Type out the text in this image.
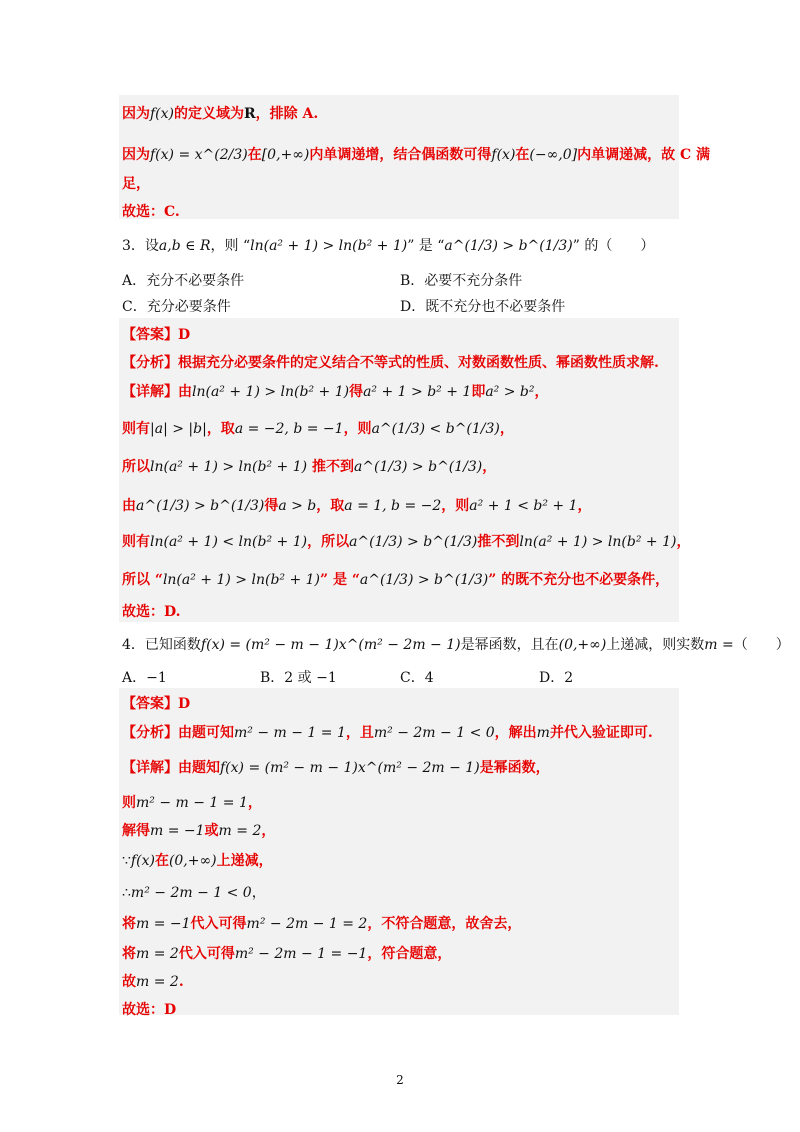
因为f(x)的定义域为R，排除 A.
因为f(x) = x^(2/3)在[0,+∞)内单调递增，结合偶函数可得f(x)在(−∞,0]内单调递减，故 C 满
足，
故选：C.
3．设a,b ∈ R，则 “ln(a² + 1) > ln(b² + 1)” 是 “a^(1/3) > b^(1/3)” 的（　　）
A．充分不必要条件	B．必要不充分条件
C．充分必要条件	D．既不充分也不必要条件
【答案】D
【分析】根据充分必要条件的定义结合不等式的性质、对数函数性质、幂函数性质求解.
【详解】由ln(a² + 1) > ln(b² + 1)得a² + 1 > b² + 1即a² > b²，
则有|a| > |b|，取a = −2, b = −1，则a^(1/3) < b^(1/3)，
所以ln(a² + 1) > ln(b² + 1) 推不到a^(1/3) > b^(1/3)，
由a^(1/3) > b^(1/3)得a > b，取a = 1, b = −2，则a² + 1 < b² + 1，
则有ln(a² + 1) < ln(b² + 1)，所以a^(1/3) > b^(1/3)推不到ln(a² + 1) > ln(b² + 1)，
所以 “ln(a² + 1) > ln(b² + 1)” 是 “a^(1/3) > b^(1/3)” 的既不充分也不必要条件，
故选：D.
4．已知函数f(x) = (m² − m − 1)x^(m² − 2m − 1)是幂函数，且在(0,+∞)上递减，则实数m =（　　）
A．−1	B．2 或 −1	C．4	D．2
【答案】D
【分析】由题可知m² − m − 1 = 1，且m² − 2m − 1 < 0，解出m并代入验证即可.
【详解】由题知f(x) = (m² − m − 1)x^(m² − 2m − 1)是幂函数，
则m² − m − 1 = 1，
解得m = −1或m = 2，
∵f(x)在(0,+∞)上递减，
∴m² − 2m − 1 < 0，
将m = −1代入可得m² − 2m − 1 = 2，不符合题意，故舍去，
将m = 2代入可得m² − 2m − 1 = −1，符合题意，
故m = 2.
故选：D
2
